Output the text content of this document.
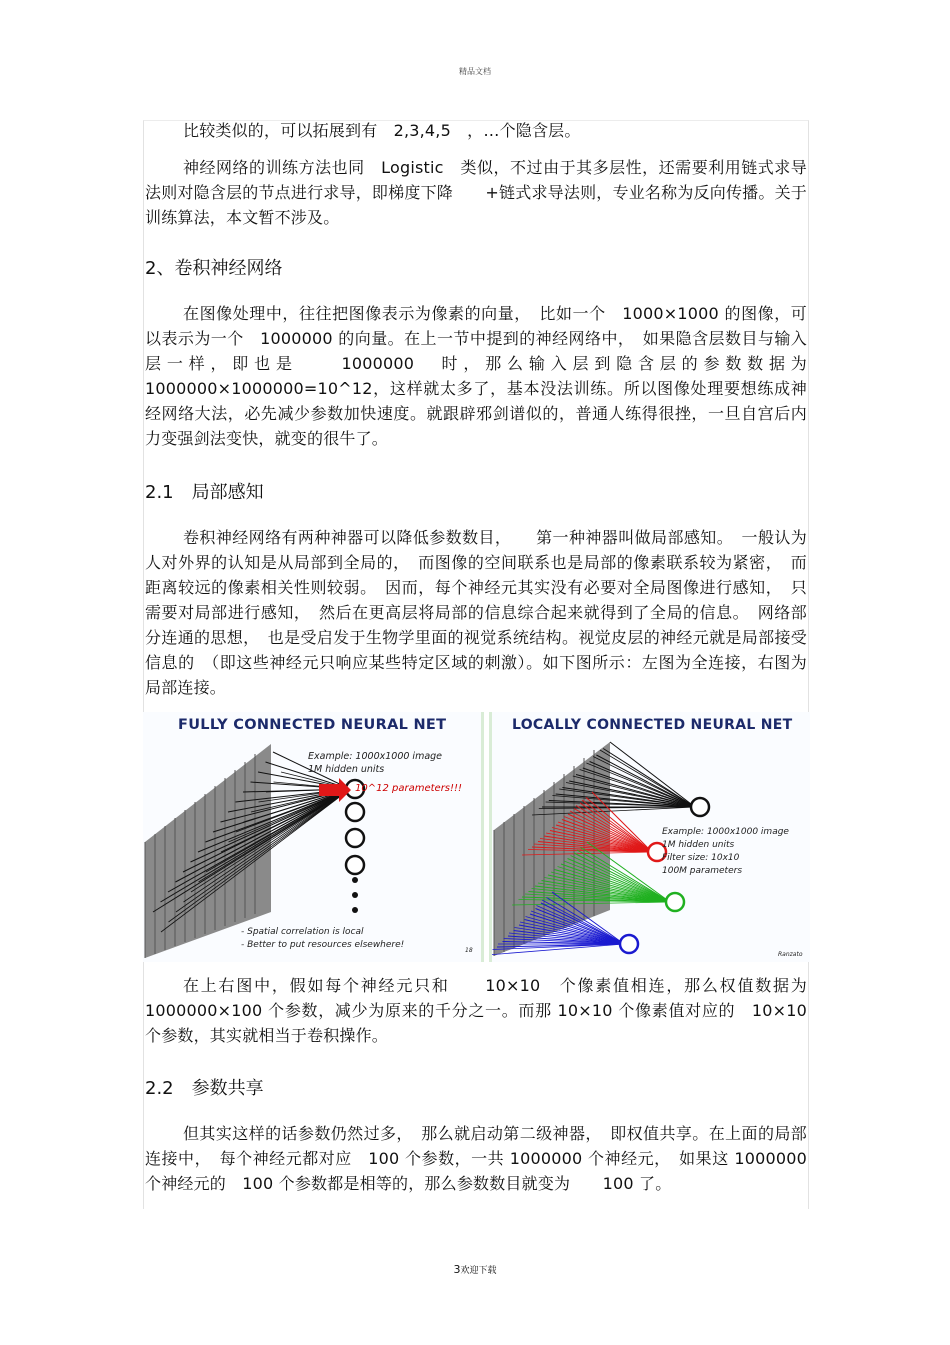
精品文档

比较类似的，可以拓展到有　2,3,4,5　，…个隐含层。

神经网络的训练方法也同　Logistic　类似，不过由于其多层性，还需要利用链式求导法则对隐含层的节点进行求导，即梯度下降　　+链式求导法则，专业名称为反向传播。关于训练算法，本文暂不涉及。

2、卷积神经网络

在图像处理中，往往把图像表示为像素的向量，　比如一个　1000×1000 的图像，可以表示为一个　1000000 的向量。在上一节中提到的神经网络中，　如果隐含层数目与输入层一样，即也是　　1000000　时，那么输入层到隐含层的参数数据为1000000×1000000=10^12，这样就太多了，基本没法训练。所以图像处理要想练成神经网络大法，必先减少参数加快速度。就跟辟邪剑谱似的，普通人练得很挫，一旦自宫后内力变强剑法变快，就变的很牛了。

2.1　局部感知

卷积神经网络有两种神器可以降低参数数目，　　第一种神器叫做局部感知。　一般认为人对外界的认知是从局部到全局的，　而图像的空间联系也是局部的像素联系较为紧密，　而距离较远的像素相关性则较弱。　因而，每个神经元其实没有必要对全局图像进行感知，　只需要对局部进行感知，　然后在更高层将局部的信息综合起来就得到了全局的信息。　网络部分连通的思想，　也是受启发于生物学里面的视觉系统结构。视觉皮层的神经元就是局部接受信息的　（即这些神经元只响应某些特定区域的刺激）。如下图所示：左图为全连接，右图为局部连接。

FULLY CONNECTED NEURAL NET
Example: 1000x1000 image
1M hidden units
10^12 parameters!!!
- Spatial correlation is local
- Better to put resources elsewhere!
18
LOCALLY CONNECTED NEURAL NET
Example: 1000x1000 image
1M hidden units
Filter size: 10x10
100M parameters
Ranzato

在上右图中，假如每个神经元只和　　10×10　个像素值相连，那么权值数据为1000000×100 个参数，减少为原来的千分之一。而那 10×10 个像素值对应的　10×10 个参数，其实就相当于卷积操作。

2.2　参数共享

但其实这样的话参数仍然过多，　那么就启动第二级神器，　即权值共享。在上面的局部连接中，　每个神经元都对应　100 个参数，一共 1000000 个神经元，　如果这 1000000 个神经元的　100 个参数都是相等的，那么参数数目就变为　　100 了。

3欢迎下载
